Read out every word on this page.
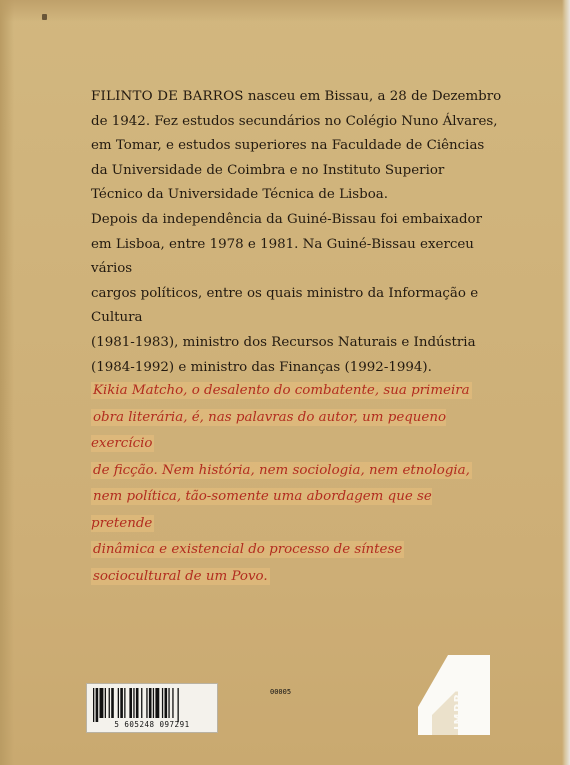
FILINTO DE BARROS nasceu em Bissau, a 28 de Dezembro
de 1942. Fez estudos secundários no Colégio Nuno Álvares,
em Tomar, e estudos superiores na Faculdade de Ciências
da Universidade de Coimbra e no Instituto Superior
Técnico da Universidade Técnica de Lisboa.
Depois da independência da Guiné-Bissau foi embaixador
em Lisboa, entre 1978 e 1981. Na Guiné-Bissau exerceu vários
cargos políticos, entre os quais ministro da Informação e Cultura
(1981-1983), ministro dos Recursos Naturais e Indústria
(1984-1992) e ministro das Finanças (1992-1994).

Kikia Matcho, o desalento do combatente, sua primeira
obra literária, é, nas palavras do autor, um pequeno exercício
de ficção. Nem história, nem sociologia, nem etnologia,
nem política, tão-somente uma abordagem que se pretende
dinâmica e existencial do processo de síntese
sociocultural de um Povo.

00005
5 605248 097291	IMPRESA Publishing
